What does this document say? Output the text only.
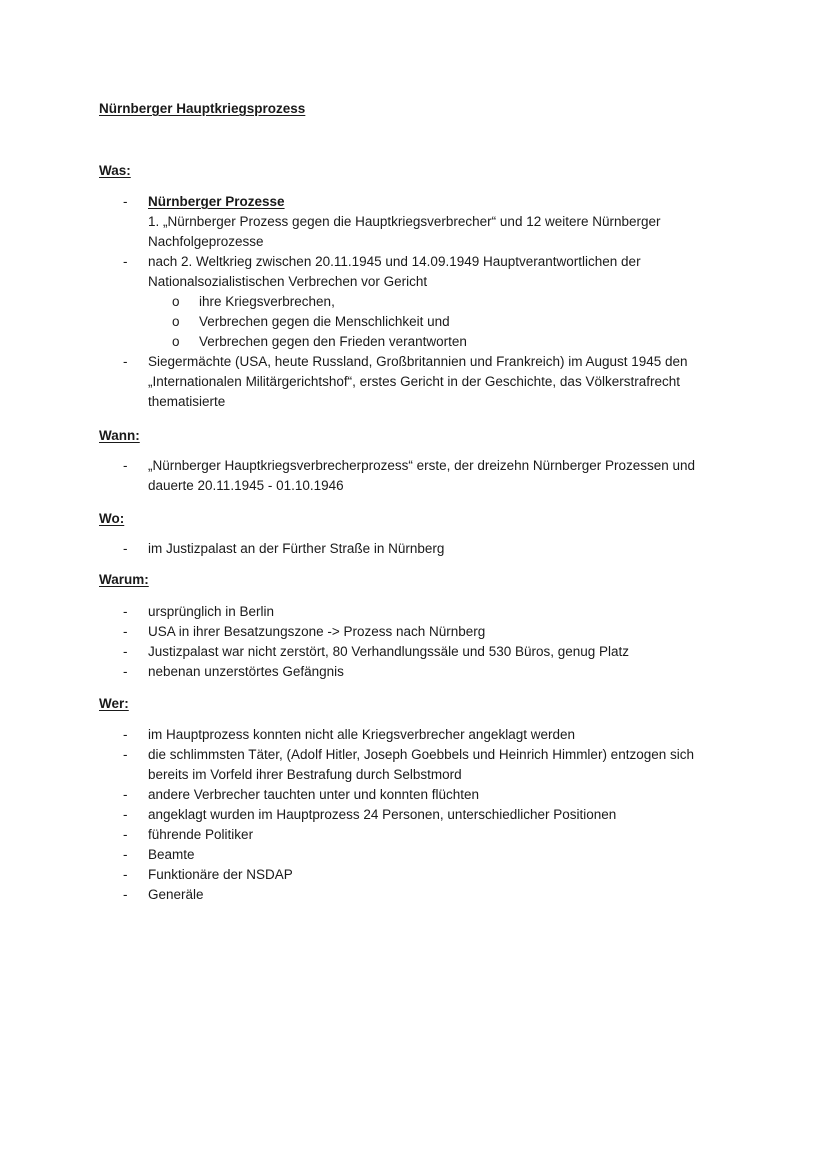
Nürnberger Hauptkriegsprozess
Was:
- Nürnberger Prozesse
1. „Nürnberger Prozess gegen die Hauptkriegsverbrecher“ und 12 weitere Nürnberger
Nachfolgeprozesse
- nach 2. Weltkrieg zwischen 20.11.1945 und 14.09.1949 Hauptverantwortlichen der
Nationalsozialistischen Verbrechen vor Gericht
o ihre Kriegsverbrechen,
o Verbrechen gegen die Menschlichkeit und
o Verbrechen gegen den Frieden verantworten
- Siegermächte (USA, heute Russland, Großbritannien und Frankreich) im August 1945 den
„Internationalen Militärgerichtshof“, erstes Gericht in der Geschichte, das Völkerstrafrecht
thematisierte
Wann:
- „Nürnberger Hauptkriegsverbrecherprozess“ erste, der dreizehn Nürnberger Prozessen und
dauerte 20.11.1945 - 01.10.1946
Wo:
- im Justizpalast an der Fürther Straße in Nürnberg
Warum:
- ursprünglich in Berlin
- USA in ihrer Besatzungszone -> Prozess nach Nürnberg
- Justizpalast war nicht zerstört, 80 Verhandlungssäle und 530 Büros, genug Platz
- nebenan unzerstörtes Gefängnis
Wer:
- im Hauptprozess konnten nicht alle Kriegsverbrecher angeklagt werden
- die schlimmsten Täter, (Adolf Hitler, Joseph Goebbels und Heinrich Himmler) entzogen sich
bereits im Vorfeld ihrer Bestrafung durch Selbstmord
- andere Verbrecher tauchten unter und konnten flüchten
- angeklagt wurden im Hauptprozess 24 Personen, unterschiedlicher Positionen
- führende Politiker
- Beamte
- Funktionäre der NSDAP
- Generäle
